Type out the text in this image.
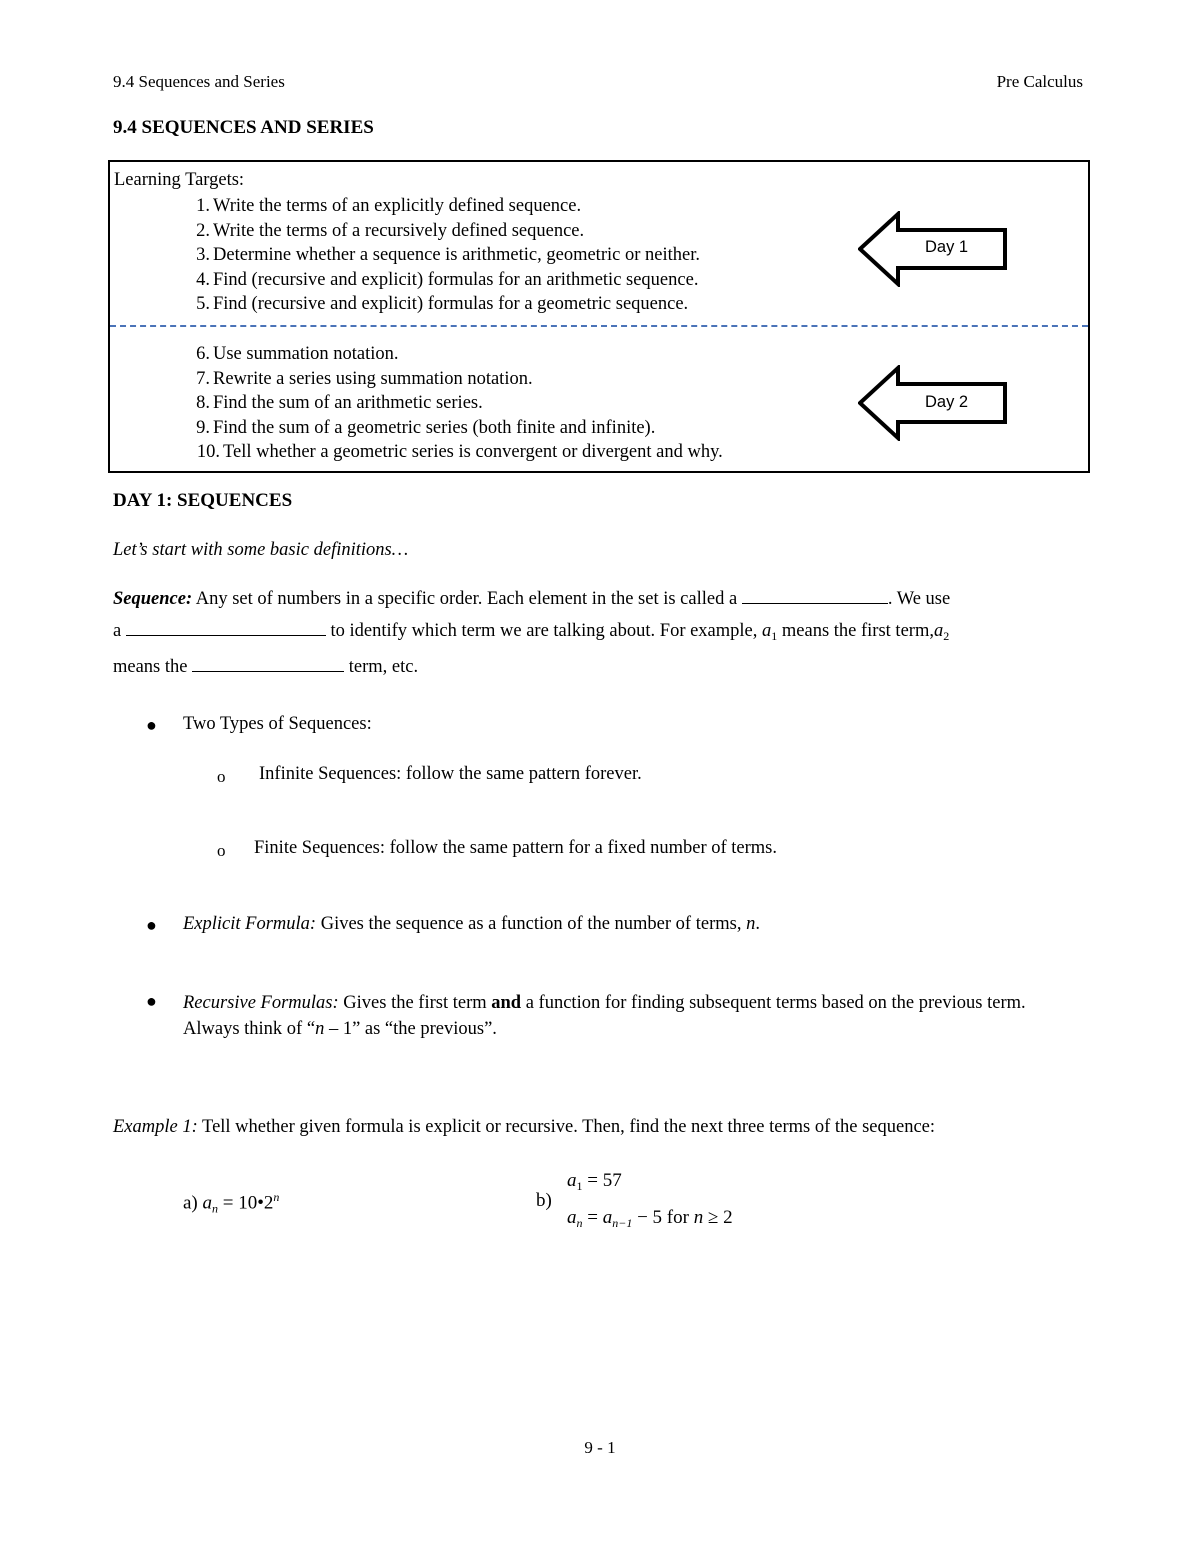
9.4 Sequences and Series	Pre Calculus
9.4 SEQUENCES AND SERIES
Learning Targets:
1. Write the terms of an explicitly defined sequence.
2. Write the terms of a recursively defined sequence.
3. Determine whether a sequence is arithmetic, geometric or neither.
4. Find (recursive and explicit) formulas for an arithmetic sequence.
5. Find (recursive and explicit) formulas for a geometric sequence.
6. Use summation notation.
7. Rewrite a series using summation notation.
8. Find the sum of an arithmetic series.
9. Find the sum of a geometric series (both finite and infinite).
10. Tell whether a geometric series is convergent or divergent and why.
Day 1
Day 2
DAY 1: SEQUENCES
Let’s start with some basic definitions…
Sequence: Any set of numbers in a specific order. Each element in the set is called a	. We use
a	to identify which term we are talking about. For example, $a_1$ means the first $term,a_2$
means the	term, etc.
● Two Types of Sequences:
o Infinite Sequences: follow the same pattern forever.
o Finite Sequences: follow the same pattern for a fixed number of terms.
● Explicit Formula: Gives the sequence as a function of the number of terms, n.
● Recursive Formulas: Gives the first term and a function for finding subsequent terms based on the previous term. Always think of “n – 1” as “the previous”.
Example 1: Tell whether given formula is explicit or recursive. Then, find the next three terms of the sequence:
a) $a_n$ = $10•2^n$	b)
$a_1 = 57$
$a_n = a_{n-1} - 5$ for n ≥ 2
9 - 1
